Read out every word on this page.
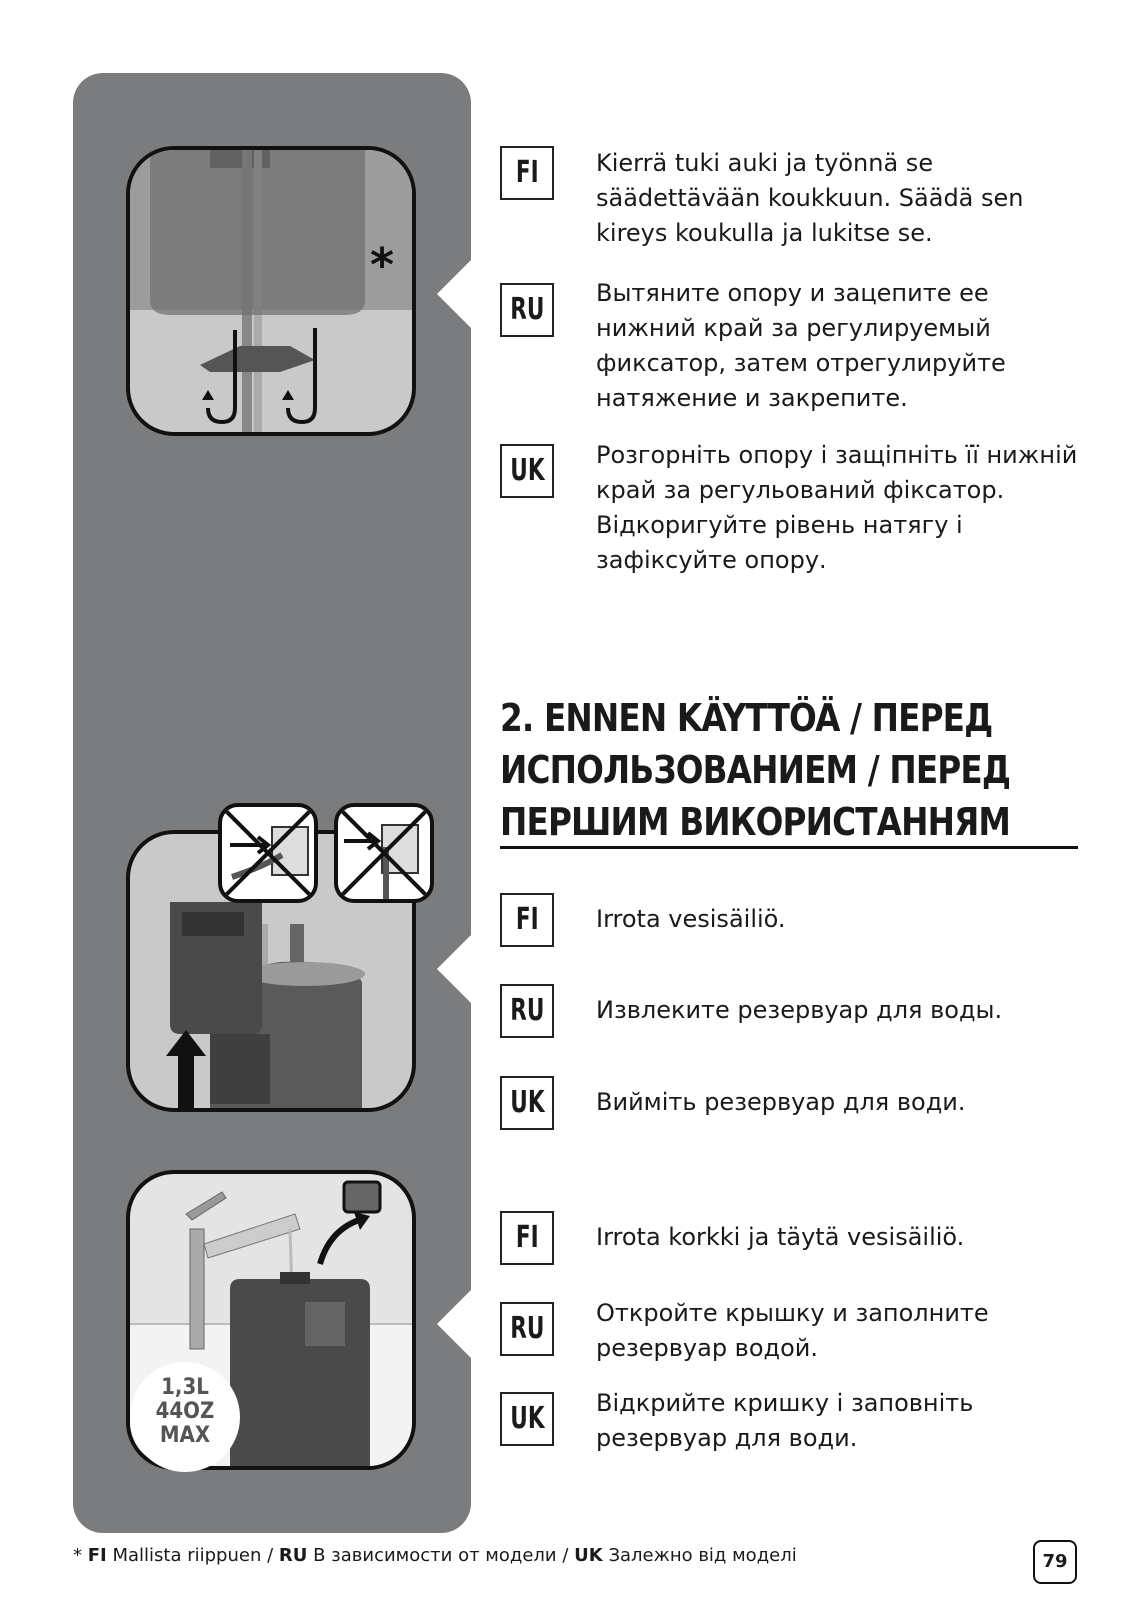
*
1,3L
44OZ
MAX
FI	Kierrä tuki auki ja työnnä se säädettävään koukkuun. Säädä sen kireys koukulla ja lukitse se.
RU	Вытяните опору и зацепите ее нижний край за регулируемый фиксатор, затем отрегулируйте натяжение и закрепите.
UK	Розгорніть опору і защіпніть її нижній край за регульований фіксатор. Відкоригуйте рівень натягу і зафіксуйте опору.
2. ENNEN KÄYTTÖÄ / ПЕРЕД
ИСПОЛЬЗОВАНИЕМ / ПЕРЕД
ПЕРШИМ ВИКОРИСТАННЯМ
FI	Irrota vesisäiliö.
RU	Извлеките резервуар для воды.
UK	Вийміть резервуар для води.
FI	Irrota korkki ja täytä vesisäiliö.
RU	Откройте крышку и заполните резервуар водой.
UK	Відкрийте кришку і заповніть резервуар для води.
* FI Mallista riippuen / RU В зависимости от модели / UK Залежно від моделі	79
